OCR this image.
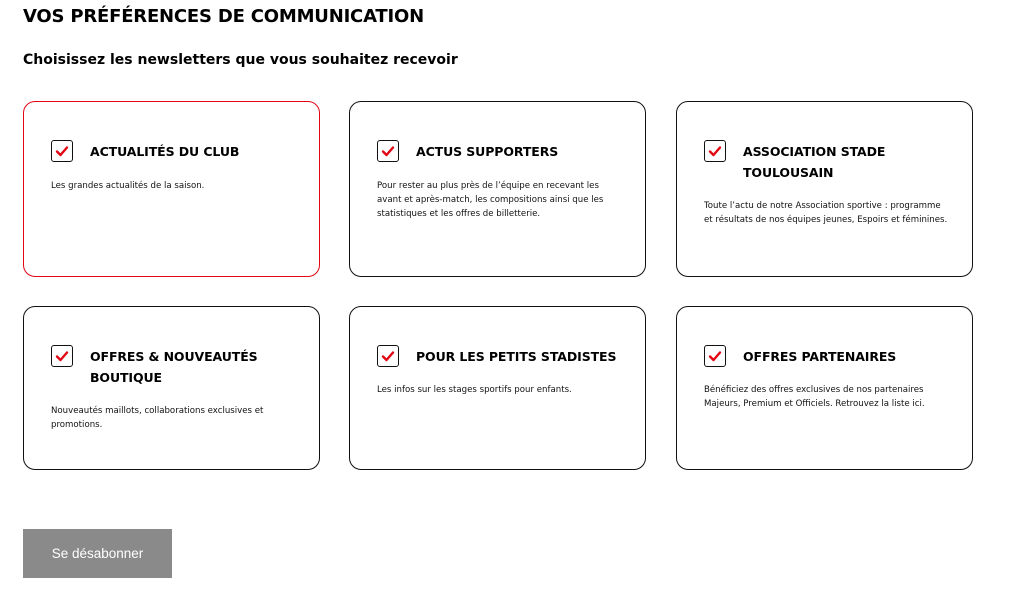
VOS PRÉFÉRENCES DE COMMUNICATION
Choisissez les newsletters que vous souhaitez recevoir
ACTUALITÉS DU CLUB
Les grandes actualités de la saison.
ACTUS SUPPORTERS
Pour rester au plus près de l’équipe en recevant les avant et après-match, les compositions ainsi que les statistiques et les offres de billetterie.
ASSOCIATION STADE TOULOUSAIN
Toute l’actu de notre Association sportive : programme et résultats de nos équipes jeunes, Espoirs et féminines.
OFFRES & NOUVEAUTÉS BOUTIQUE
Nouveautés maillots, collaborations exclusives et promotions.
POUR LES PETITS STADISTES
Les infos sur les stages sportifs pour enfants.
OFFRES PARTENAIRES
Bénéficiez des offres exclusives de nos partenaires Majeurs, Premium et Officiels. Retrouvez la liste ici.
Se désabonner
